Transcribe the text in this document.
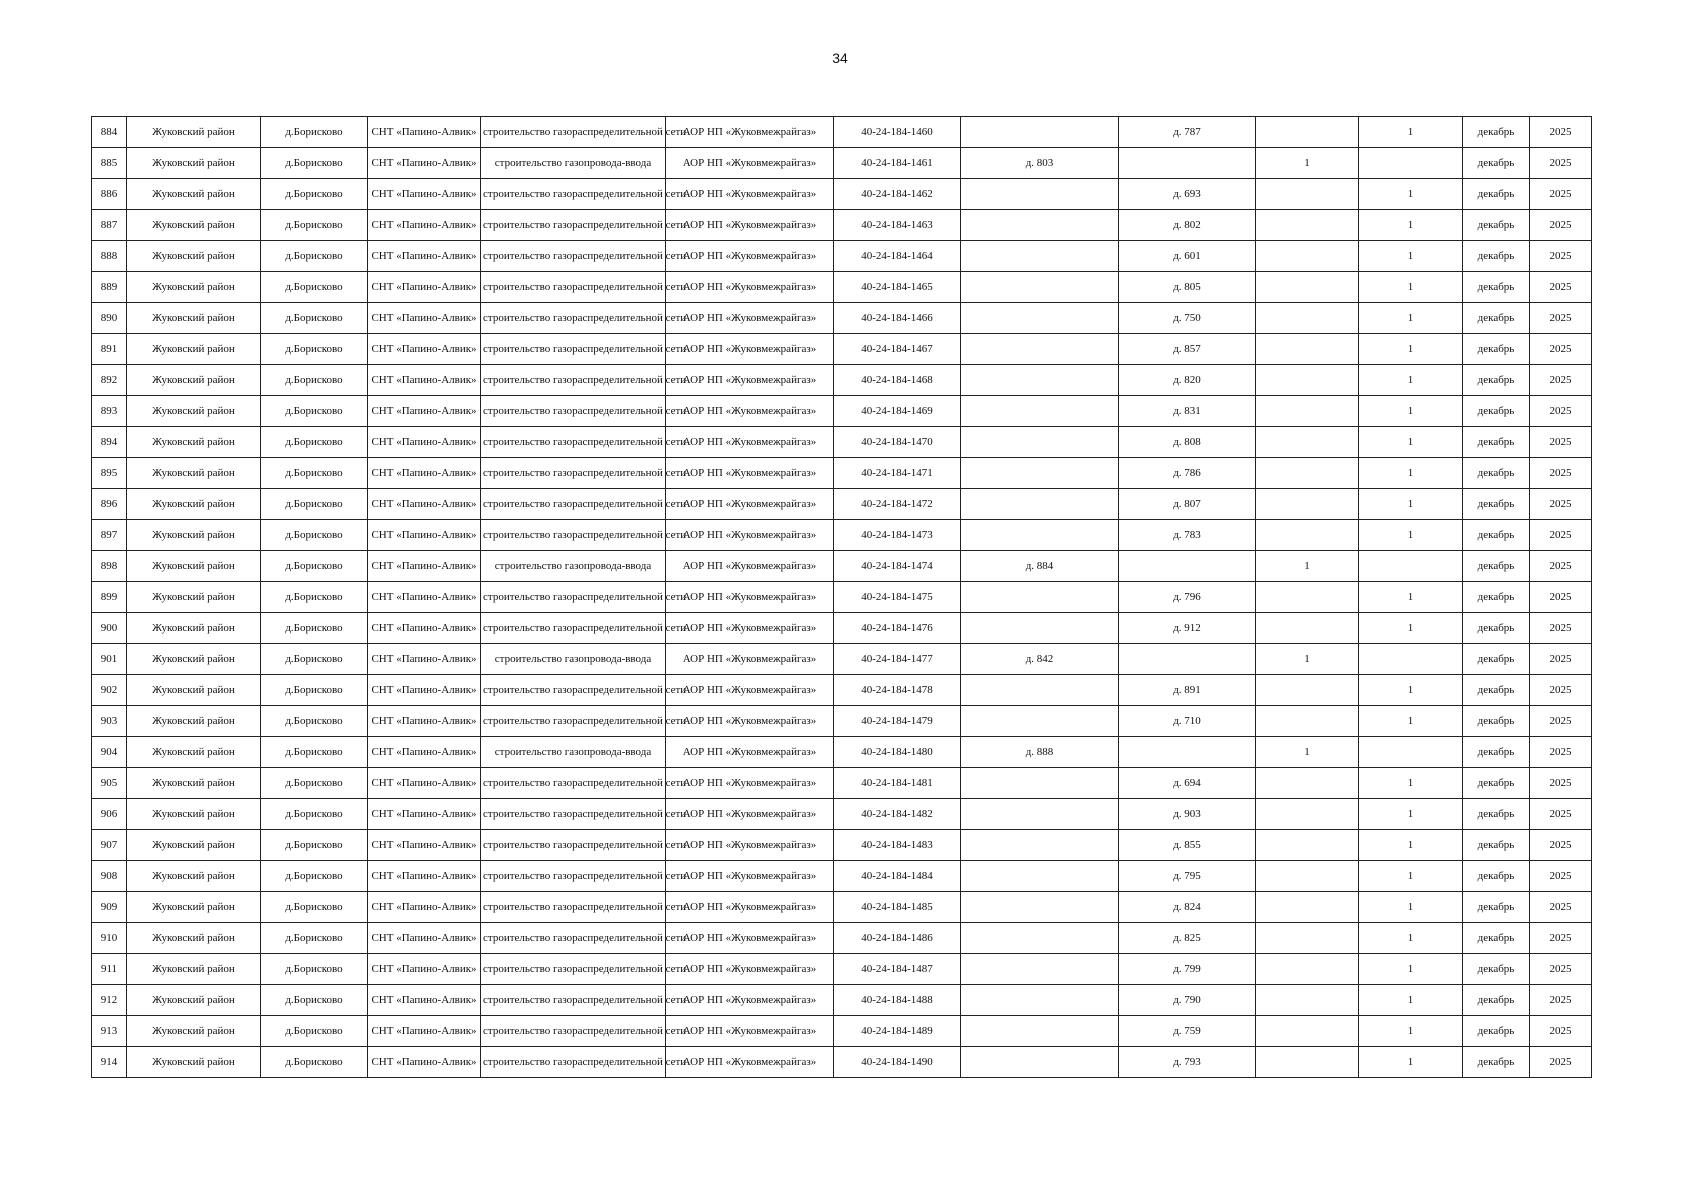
34
884	Жуковский район	д.Борисково	СНТ «Папино-Алвик»	строительство газораспределительной сети	АОР НП «Жуковмежрайгаз»	40-24-184-1460		д. 787		1	декабрь	2025
885	Жуковский район	д.Борисково	СНТ «Папино-Алвик»	строительство газопровода-ввода	АОР НП «Жуковмежрайгаз»	40-24-184-1461	д. 803		1		декабрь	2025
886	Жуковский район	д.Борисково	СНТ «Папино-Алвик»	строительство газораспределительной сети	АОР НП «Жуковмежрайгаз»	40-24-184-1462		д. 693		1	декабрь	2025
887	Жуковский район	д.Борисково	СНТ «Папино-Алвик»	строительство газораспределительной сети	АОР НП «Жуковмежрайгаз»	40-24-184-1463		д. 802		1	декабрь	2025
888	Жуковский район	д.Борисково	СНТ «Папино-Алвик»	строительство газораспределительной сети	АОР НП «Жуковмежрайгаз»	40-24-184-1464		д. 601		1	декабрь	2025
889	Жуковский район	д.Борисково	СНТ «Папино-Алвик»	строительство газораспределительной сети	АОР НП «Жуковмежрайгаз»	40-24-184-1465		д. 805		1	декабрь	2025
890	Жуковский район	д.Борисково	СНТ «Папино-Алвик»	строительство газораспределительной сети	АОР НП «Жуковмежрайгаз»	40-24-184-1466		д. 750		1	декабрь	2025
891	Жуковский район	д.Борисково	СНТ «Папино-Алвик»	строительство газораспределительной сети	АОР НП «Жуковмежрайгаз»	40-24-184-1467		д. 857		1	декабрь	2025
892	Жуковский район	д.Борисково	СНТ «Папино-Алвик»	строительство газораспределительной сети	АОР НП «Жуковмежрайгаз»	40-24-184-1468		д. 820		1	декабрь	2025
893	Жуковский район	д.Борисково	СНТ «Папино-Алвик»	строительство газораспределительной сети	АОР НП «Жуковмежрайгаз»	40-24-184-1469		д. 831		1	декабрь	2025
894	Жуковский район	д.Борисково	СНТ «Папино-Алвик»	строительство газораспределительной сети	АОР НП «Жуковмежрайгаз»	40-24-184-1470		д. 808		1	декабрь	2025
895	Жуковский район	д.Борисково	СНТ «Папино-Алвик»	строительство газораспределительной сети	АОР НП «Жуковмежрайгаз»	40-24-184-1471		д. 786		1	декабрь	2025
896	Жуковский район	д.Борисково	СНТ «Папино-Алвик»	строительство газораспределительной сети	АОР НП «Жуковмежрайгаз»	40-24-184-1472		д. 807		1	декабрь	2025
897	Жуковский район	д.Борисково	СНТ «Папино-Алвик»	строительство газораспределительной сети	АОР НП «Жуковмежрайгаз»	40-24-184-1473		д. 783		1	декабрь	2025
898	Жуковский район	д.Борисково	СНТ «Папино-Алвик»	строительство газопровода-ввода	АОР НП «Жуковмежрайгаз»	40-24-184-1474	д. 884		1		декабрь	2025
899	Жуковский район	д.Борисково	СНТ «Папино-Алвик»	строительство газораспределительной сети	АОР НП «Жуковмежрайгаз»	40-24-184-1475		д. 796		1	декабрь	2025
900	Жуковский район	д.Борисково	СНТ «Папино-Алвик»	строительство газораспределительной сети	АОР НП «Жуковмежрайгаз»	40-24-184-1476		д. 912		1	декабрь	2025
901	Жуковский район	д.Борисково	СНТ «Папино-Алвик»	строительство газопровода-ввода	АОР НП «Жуковмежрайгаз»	40-24-184-1477	д. 842		1		декабрь	2025
902	Жуковский район	д.Борисково	СНТ «Папино-Алвик»	строительство газораспределительной сети	АОР НП «Жуковмежрайгаз»	40-24-184-1478		д. 891		1	декабрь	2025
903	Жуковский район	д.Борисково	СНТ «Папино-Алвик»	строительство газораспределительной сети	АОР НП «Жуковмежрайгаз»	40-24-184-1479		д. 710		1	декабрь	2025
904	Жуковский район	д.Борисково	СНТ «Папино-Алвик»	строительство газопровода-ввода	АОР НП «Жуковмежрайгаз»	40-24-184-1480	д. 888		1		декабрь	2025
905	Жуковский район	д.Борисково	СНТ «Папино-Алвик»	строительство газораспределительной сети	АОР НП «Жуковмежрайгаз»	40-24-184-1481		д. 694		1	декабрь	2025
906	Жуковский район	д.Борисково	СНТ «Папино-Алвик»	строительство газораспределительной сети	АОР НП «Жуковмежрайгаз»	40-24-184-1482		д. 903		1	декабрь	2025
907	Жуковский район	д.Борисково	СНТ «Папино-Алвик»	строительство газораспределительной сети	АОР НП «Жуковмежрайгаз»	40-24-184-1483		д. 855		1	декабрь	2025
908	Жуковский район	д.Борисково	СНТ «Папино-Алвик»	строительство газораспределительной сети	АОР НП «Жуковмежрайгаз»	40-24-184-1484		д. 795		1	декабрь	2025
909	Жуковский район	д.Борисково	СНТ «Папино-Алвик»	строительство газораспределительной сети	АОР НП «Жуковмежрайгаз»	40-24-184-1485		д. 824		1	декабрь	2025
910	Жуковский район	д.Борисково	СНТ «Папино-Алвик»	строительство газораспределительной сети	АОР НП «Жуковмежрайгаз»	40-24-184-1486		д. 825		1	декабрь	2025
911	Жуковский район	д.Борисково	СНТ «Папино-Алвик»	строительство газораспределительной сети	АОР НП «Жуковмежрайгаз»	40-24-184-1487		д. 799		1	декабрь	2025
912	Жуковский район	д.Борисково	СНТ «Папино-Алвик»	строительство газораспределительной сети	АОР НП «Жуковмежрайгаз»	40-24-184-1488		д. 790		1	декабрь	2025
913	Жуковский район	д.Борисково	СНТ «Папино-Алвик»	строительство газораспределительной сети	АОР НП «Жуковмежрайгаз»	40-24-184-1489		д. 759		1	декабрь	2025
914	Жуковский район	д.Борисково	СНТ «Папино-Алвик»	строительство газораспределительной сети	АОР НП «Жуковмежрайгаз»	40-24-184-1490		д. 793		1	декабрь	2025
